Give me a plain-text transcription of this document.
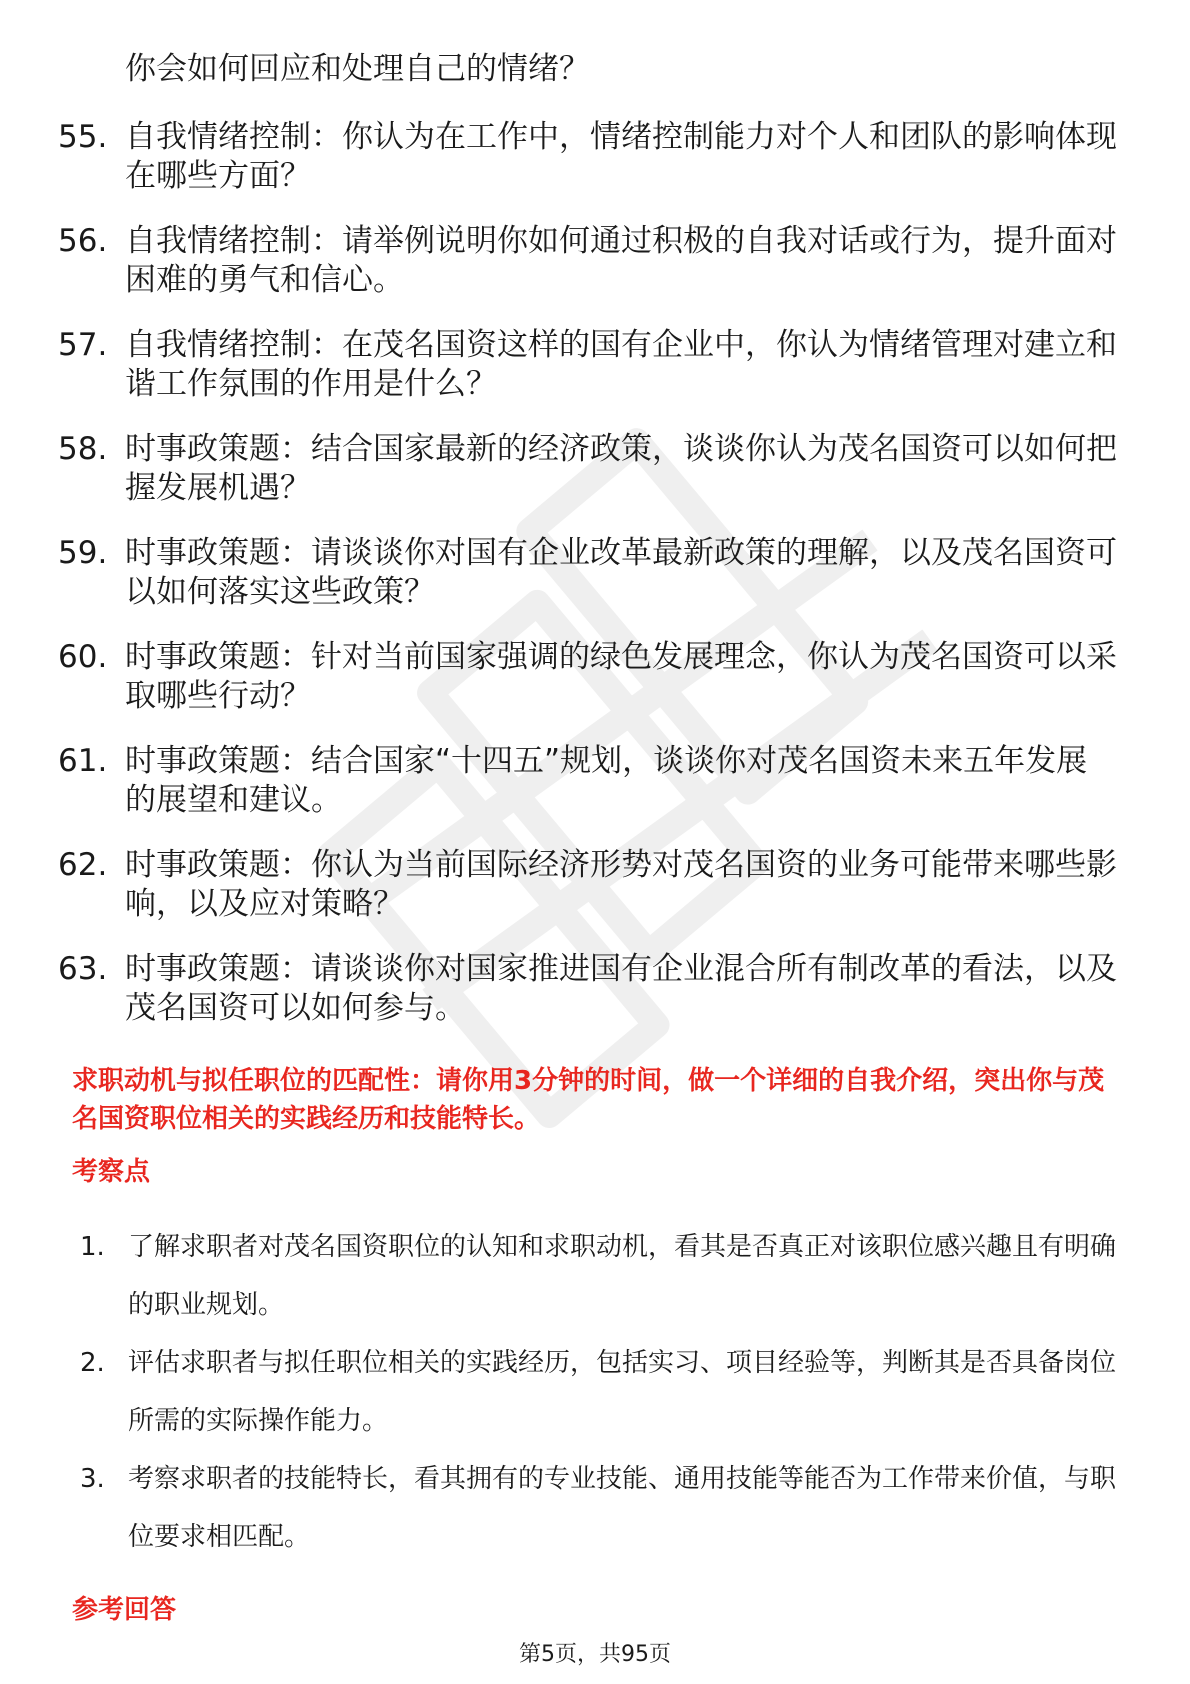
你会如何回应和处理自己的情绪？
55. 自我情绪控制：你认为在工作中，情绪控制能力对个人和团队的影响体现在哪些方面？
56. 自我情绪控制：请举例说明你如何通过积极的自我对话或行为，提升面对困难的勇气和信心。
57. 自我情绪控制：在茂名国资这样的国有企业中，你认为情绪管理对建立和谐工作氛围的作用是什么？
58. 时事政策题：结合国家最新的经济政策，谈谈你认为茂名国资可以如何把握发展机遇？
59. 时事政策题：请谈谈你对国有企业改革最新政策的理解，以及茂名国资可以如何落实这些政策？
60. 时事政策题：针对当前国家强调的绿色发展理念，你认为茂名国资可以采取哪些行动？
61. 时事政策题：结合国家“十四五”规划，谈谈你对茂名国资未来五年发展的展望和建议。
62. 时事政策题：你认为当前国际经济形势对茂名国资的业务可能带来哪些影响，以及应对策略？
63. 时事政策题：请谈谈你对国家推进国有企业混合所有制改革的看法，以及茂名国资可以如何参与。
求职动机与拟任职位的匹配性：请你用3分钟的时间，做一个详细的自我介绍，突出你与茂名国资职位相关的实践经历和技能特长。
考察点
1. 了解求职者对茂名国资职位的认知和求职动机，看其是否真正对该职位感兴趣且有明确的职业规划。
2. 评估求职者与拟任职位相关的实践经历，包括实习、项目经验等，判断其是否具备岗位所需的实际操作能力。
3. 考察求职者的技能特长，看其拥有的专业技能、通用技能等能否为工作带来价值，与职位要求相匹配。
参考回答
第5页，共95页
